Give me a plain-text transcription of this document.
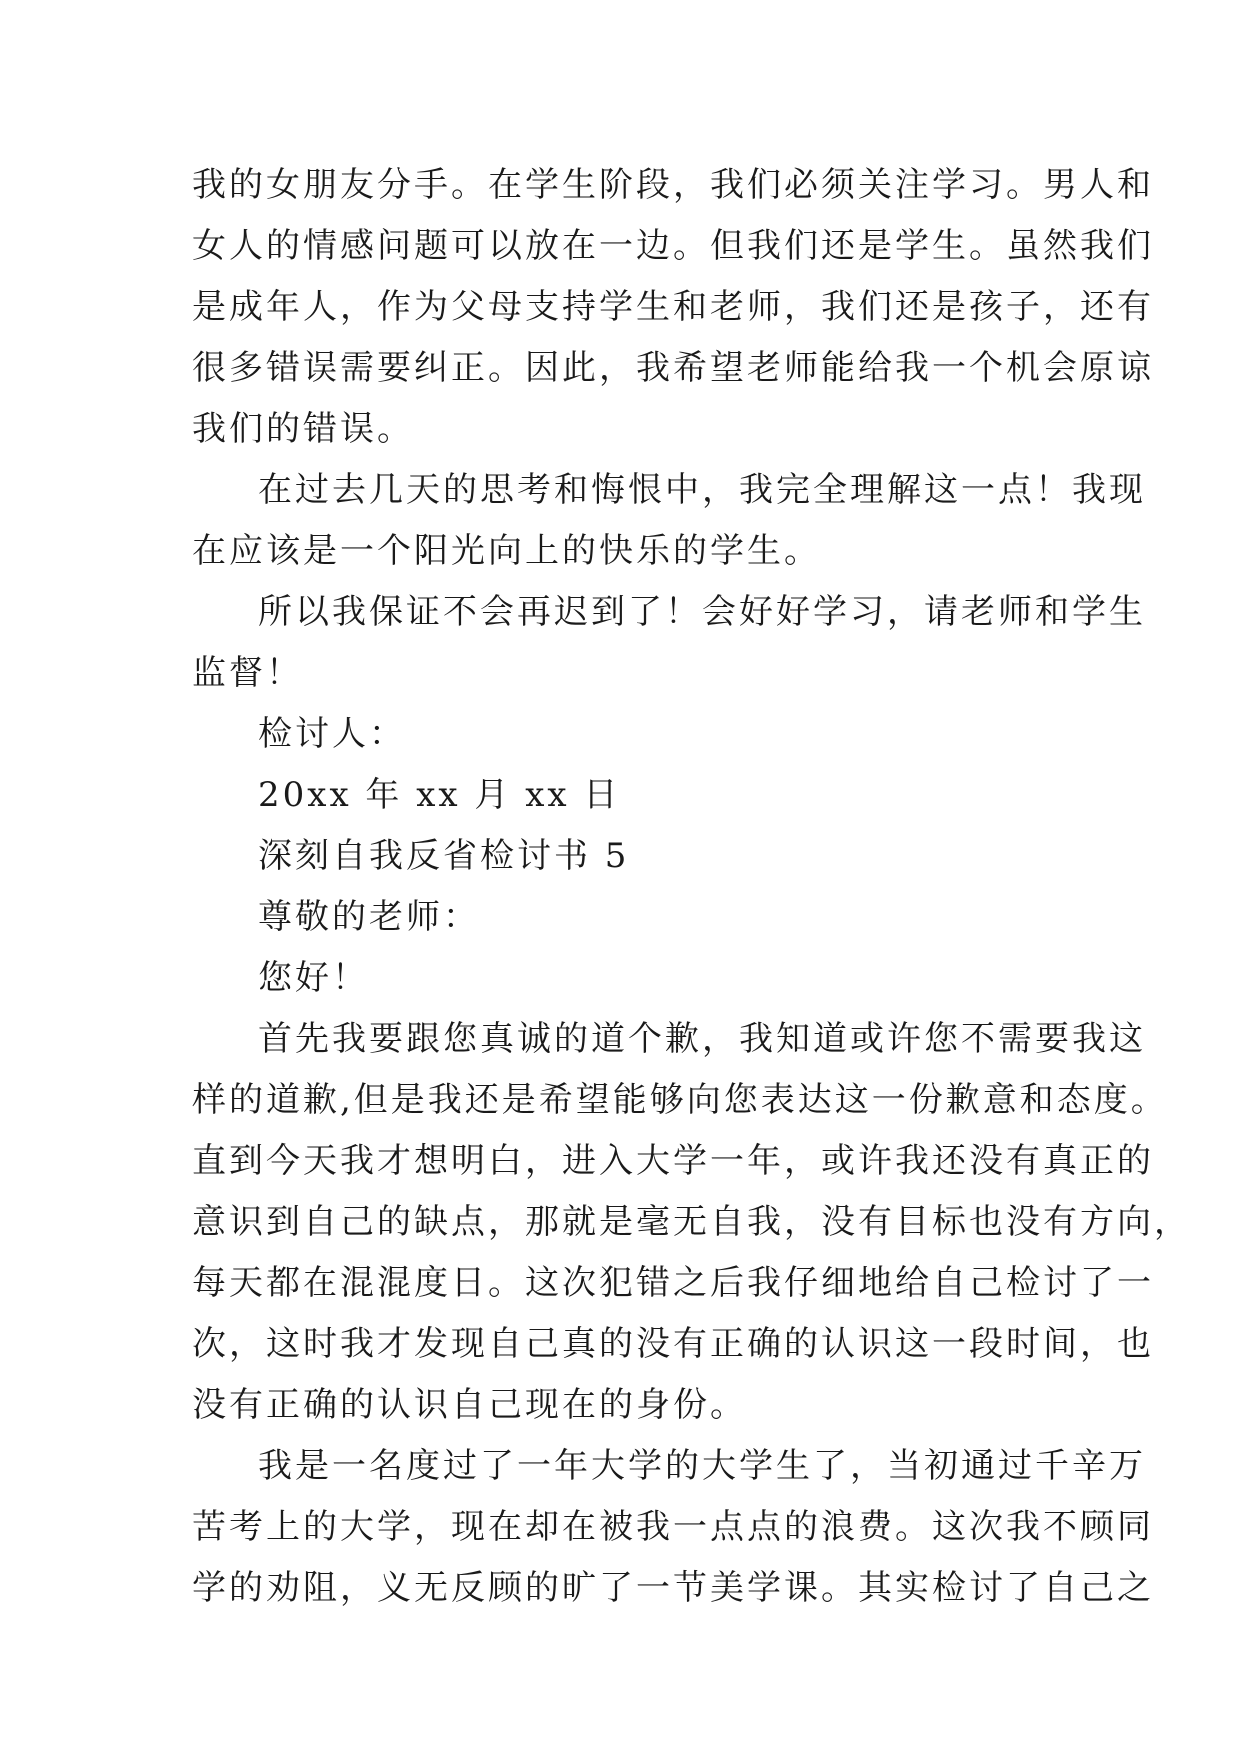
我的女朋友分手。在学生阶段，我们必须关注学习。男人和
女人的情感问题可以放在一边。但我们还是学生。虽然我们
是成年人，作为父母支持学生和老师，我们还是孩子，还有
很多错误需要纠正。因此，我希望老师能给我一个机会原谅
我们的错误。
在过去几天的思考和悔恨中，我完全理解这一点！我现
在应该是一个阳光向上的快乐的学生。
所以我保证不会再迟到了！会好好学习，请老师和学生
监督！
检讨人：
20xx 年 xx 月 xx 日
深刻自我反省检讨书 5
尊敬的老师：
您好！
首先我要跟您真诚的道个歉，我知道或许您不需要我这
样的道歉,但是我还是希望能够向您表达这一份歉意和态度。
直到今天我才想明白，进入大学一年，或许我还没有真正的
意识到自己的缺点，那就是毫无自我，没有目标也没有方向，
每天都在混混度日。这次犯错之后我仔细地给自己检讨了一
次，这时我才发现自己真的没有正确的认识这一段时间，也
没有正确的认识自己现在的身份。
我是一名度过了一年大学的大学生了，当初通过千辛万
苦考上的大学，现在却在被我一点点的浪费。这次我不顾同
学的劝阻，义无反顾的旷了一节美学课。其实检讨了自己之
